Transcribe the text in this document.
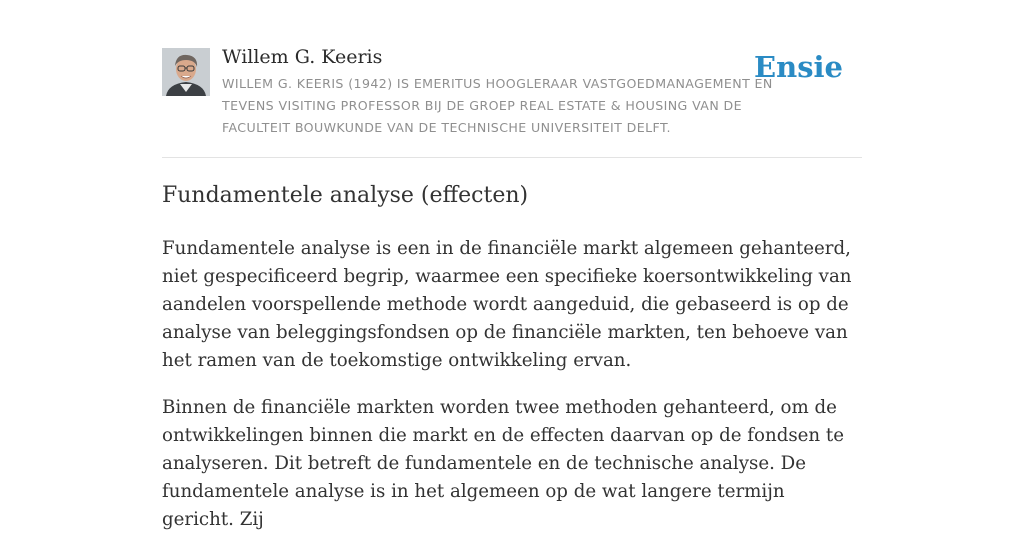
Willem G. Keeris
WILLEM G. KEERIS (1942) IS EMERITUS HOOGLERAAR VASTGOEDMANAGEMENT EN TEVENS VISITING PROFESSOR BIJ DE GROEP REAL ESTATE & HOUSING VAN DE FACULTEIT BOUWKUNDE VAN DE TECHNISCHE UNIVERSITEIT DELFT.
Ensie
Fundamentele analyse (effecten)

Fundamentele analyse is een in de financiële markt algemeen gehanteerd, niet gespecificeerd begrip, waarmee een specifieke koersontwikkeling van aandelen voorspellende methode wordt aangeduid, die gebaseerd is op de analyse van beleggingsfondsen op de financiële markten, ten behoeve van het ramen van de toekomstige ontwikkeling ervan.

Binnen de financiële markten worden twee methoden gehanteerd, om de ontwikkelingen binnen die markt en de effecten daarvan op de fondsen te analyseren. Dit betreft de fundamentele en de technische analyse. De fundamentele analyse is in het algemeen op de wat langere termijn gericht. Zij
